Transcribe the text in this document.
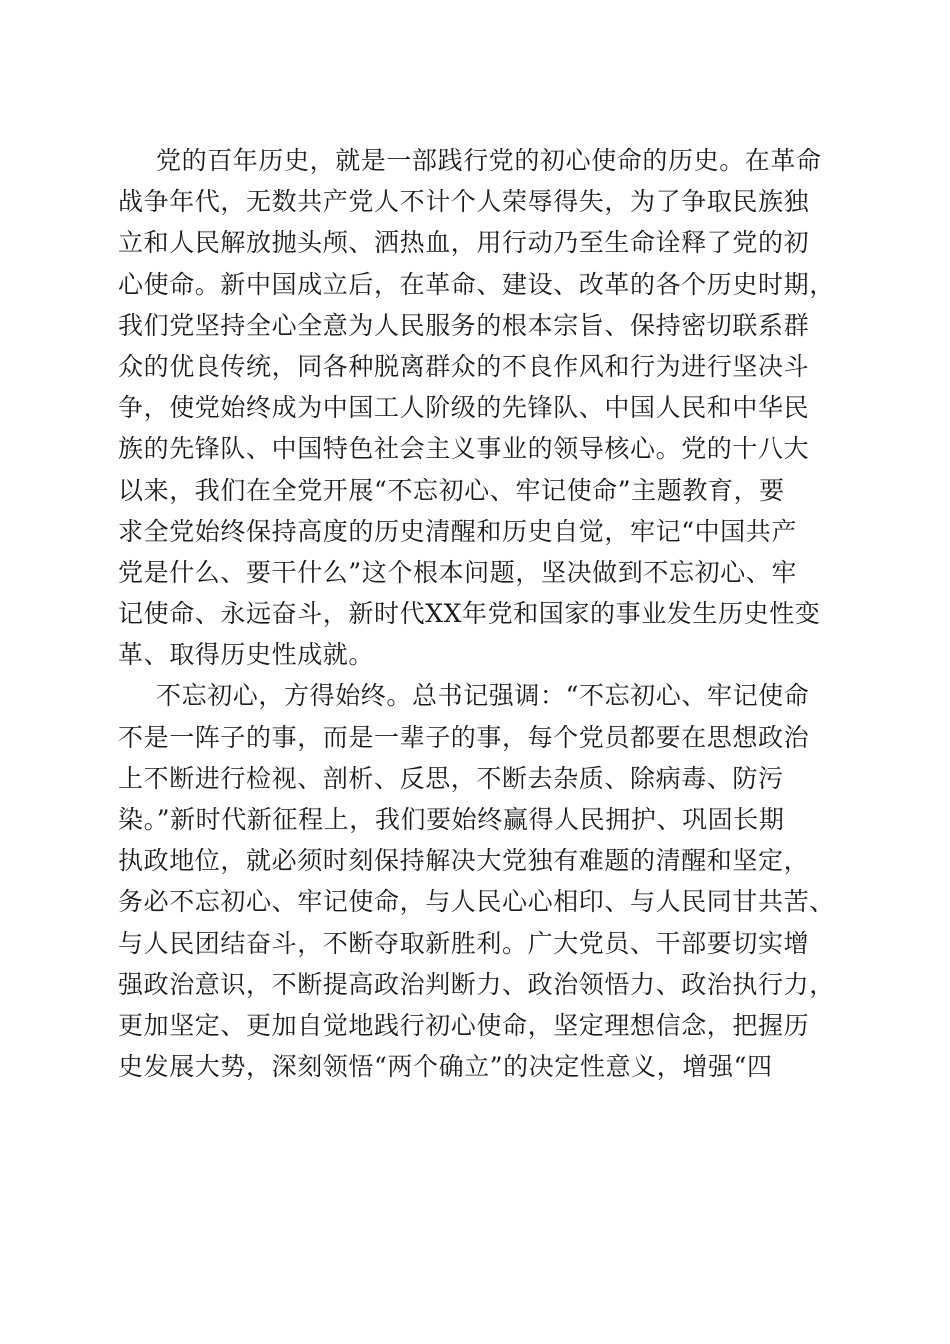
党的百年历史，就是一部践行党的初心使命的历史。在革命
战争年代，无数共产党人不计个人荣辱得失，为了争取民族独
立和人民解放抛头颅、洒热血，用行动乃至生命诠释了党的初
心使命。新中国成立后，在革命、建设、改革的各个历史时期，
我们党坚持全心全意为人民服务的根本宗旨、保持密切联系群
众的优良传统，同各种脱离群众的不良作风和行为进行坚决斗
争，使党始终成为中国工人阶级的先锋队、中国人民和中华民
族的先锋队、中国特色社会主义事业的领导核心。党的十八大
以来，我们在全党开展“不忘初心、牢记使命”主题教育，要
求全党始终保持高度的历史清醒和历史自觉，牢记“中国共产
党是什么、要干什么”这个根本问题，坚决做到不忘初心、牢
记使命、永远奋斗，新时代XX年党和国家的事业发生历史性变
革、取得历史性成就。
不忘初心，方得始终。总书记强调：“不忘初心、牢记使命
不是一阵子的事，而是一辈子的事，每个党员都要在思想政治
上不断进行检视、剖析、反思，不断去杂质、除病毒、防污
染。”新时代新征程上，我们要始终赢得人民拥护、巩固长期
执政地位，就必须时刻保持解决大党独有难题的清醒和坚定，
务必不忘初心、牢记使命，与人民心心相印、与人民同甘共苦、
与人民团结奋斗，不断夺取新胜利。广大党员、干部要切实增
强政治意识，不断提高政治判断力、政治领悟力、政治执行力，
更加坚定、更加自觉地践行初心使命，坚定理想信念，把握历
史发展大势，深刻领悟“两个确立”的决定性意义，增强“四
